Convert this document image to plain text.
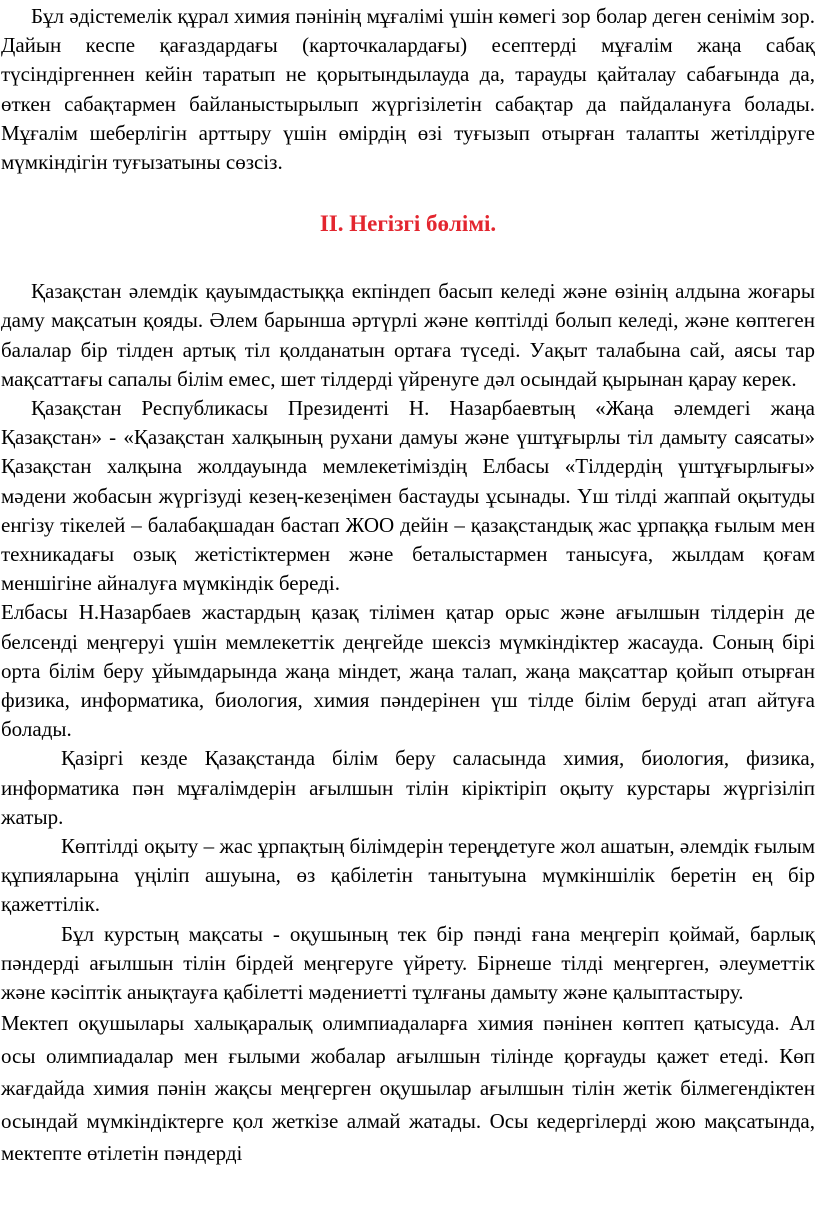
Бұл әдістемелік құрал химия пәнінің мұғалімі үшін көмегі зор болар деген сенімім зор. Дайын кеспе қағаздардағы (карточкалардағы) есептерді мұғалім жаңа сабақ түсіндіргеннен кейін таратып не қорытындылауда да, тарауды қайталау сабағында да, өткен сабақтармен байланыстырылып жүргізілетін сабақтар да пайдалануға болады. Мұғалім шеберлігін арттыру үшін өмірдің өзі туғызып отырған талапты жетілдіруге мүмкіндігін туғызатыны сөзсіз.

II. Негізгі бөлімі.

Қазақстан әлемдік қауымдастыққа екпіндеп басып келеді және өзінің алдына жоғары даму мақсатын қояды. Әлем барынша әртүрлі және көптілді болып келеді, және көптеген балалар бір тілден артық тіл қолданатын ортаға түседі. Уақыт талабына сай, аясы тар мақсаттағы сапалы білім емес, шет тілдерді үйренуге дәл осындай қырынан қарау керек.

Қазақстан Республикасы Президенті Н. Назарбаевтың «Жаңа әлемдегі жаңа Қазақстан» - «Қазақстан халқының рухани дамуы және үштұғырлы тіл дамыту саясаты» Қазақстан халқына жолдауында мемлекетіміздің Елбасы «Тілдердің үштұғырлығы» мәдени жобасын жүргізуді кезең-кезеңімен бастауды ұсынады. Үш тілді жаппай оқытуды енгізу тікелей – балабақшадан бастап ЖОО дейін – қазақстандық жас ұрпаққа ғылым мен техникадағы озық жетістіктермен және беталыстармен танысуға, жылдам қоғам меншігіне айналуға мүмкіндік береді.

Елбасы Н.Назарбаев жастардың қазақ тілімен қатар орыс және ағылшын тілдерін де белсенді меңгеруі үшін мемлекеттік деңгейде шексіз мүмкіндіктер жасауда. Соның бірі орта білім беру ұйымдарында жаңа міндет, жаңа талап, жаңа мақсаттар қойып отырған физика, информатика, биология, химия пәндерінен үш тілде білім беруді атап айтуға болады.

Қазіргі кезде Қазақстанда білім беру саласында химия, биология, физика, информатика пән мұғалімдерін ағылшын тілін кіріктіріп оқыту курстары жүргізіліп жатыр.

Көптілді оқыту – жас ұрпақтың білімдерін тереңдетуге жол ашатын, әлемдік ғылым құпияларына үңіліп ашуына, өз қабілетін танытуына мүмкіншілік беретін ең бір қажеттілік.

Бұл курстың мақсаты - оқушының тек бір пәнді ғана меңгеріп қоймай, барлық пәндерді ағылшын тілін бірдей меңгеруге үйрету. Бірнеше тілді меңгерген, әлеуметтік және кәсіптік анықтауға қабілетті мәдениетті тұлғаны дамыту және қалыптастыру.

Мектеп оқушылары халықаралық олимпиадаларға химия пәнінен көптеп қатысуда. Ал осы олимпиадалар мен ғылыми жобалар ағылшын тілінде қорғауды қажет етеді. Көп жағдайда химия пәнін жақсы меңгерген оқушылар ағылшын тілін жетік білмегендіктен осындай мүмкіндіктерге қол жеткізе алмай жатады. Осы кедергілерді жою мақсатында, мектепте өтілетін пәндерді
